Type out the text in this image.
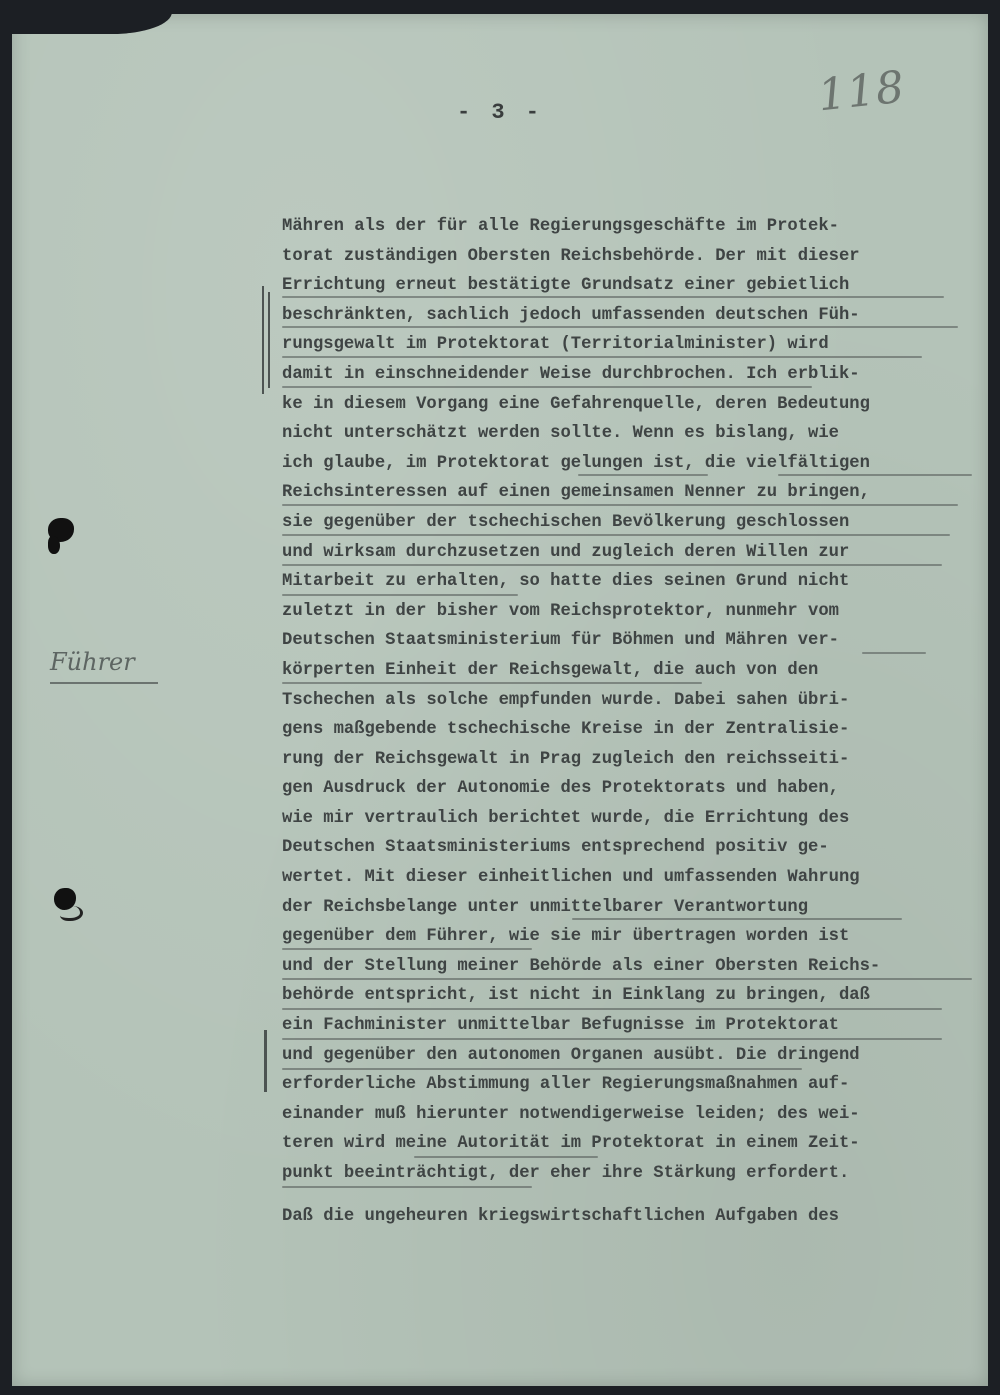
- 3 -	118
Führer
Mähren als der für alle Regierungsgeschäfte im Protek-
torat zuständigen Obersten Reichsbehörde. Der mit dieser
Errichtung erneut bestätigte Grundsatz einer gebietlich
beschränkten, sachlich jedoch umfassenden deutschen Füh-
rungsgewalt im Protektorat (Territorialminister) wird
damit in einschneidender Weise durchbrochen. Ich erblik-
ke in diesem Vorgang eine Gefahrenquelle, deren Bedeutung
nicht unterschätzt werden sollte. Wenn es bislang, wie
ich glaube, im Protektorat gelungen ist, die vielfältigen
Reichsinteressen auf einen gemeinsamen Nenner zu bringen,
sie gegenüber der tschechischen Bevölkerung geschlossen
und wirksam durchzusetzen und zugleich deren Willen zur
Mitarbeit zu erhalten, so hatte dies seinen Grund nicht
zuletzt in der bisher vom Reichsprotektor, nunmehr vom
Deutschen Staatsministerium für Böhmen und Mähren ver-
körperten Einheit der Reichsgewalt, die auch von den
Tschechen als solche empfunden wurde. Dabei sahen übri-
gens maßgebende tschechische Kreise in der Zentralisie-
rung der Reichsgewalt in Prag zugleich den reichsseiti-
gen Ausdruck der Autonomie des Protektorats und haben,
wie mir vertraulich berichtet wurde, die Errichtung des
Deutschen Staatsministeriums entsprechend positiv ge-
wertet. Mit dieser einheitlichen und umfassenden Wahrung
der Reichsbelange unter unmittelbarer Verantwortung
gegenüber dem Führer, wie sie mir übertragen worden ist
und der Stellung meiner Behörde als einer Obersten Reichs-
behörde entspricht, ist nicht in Einklang zu bringen, daß
ein Fachminister unmittelbar Befugnisse im Protektorat
und gegenüber den autonomen Organen ausübt. Die dringend
erforderliche Abstimmung aller Regierungsmaßnahmen auf-
einander muß hierunter notwendigerweise leiden; des wei-
teren wird meine Autorität im Protektorat in einem Zeit-
punkt beeinträchtigt, der eher ihre Stärkung erfordert.
Daß die ungeheuren kriegswirtschaftlichen Aufgaben des
